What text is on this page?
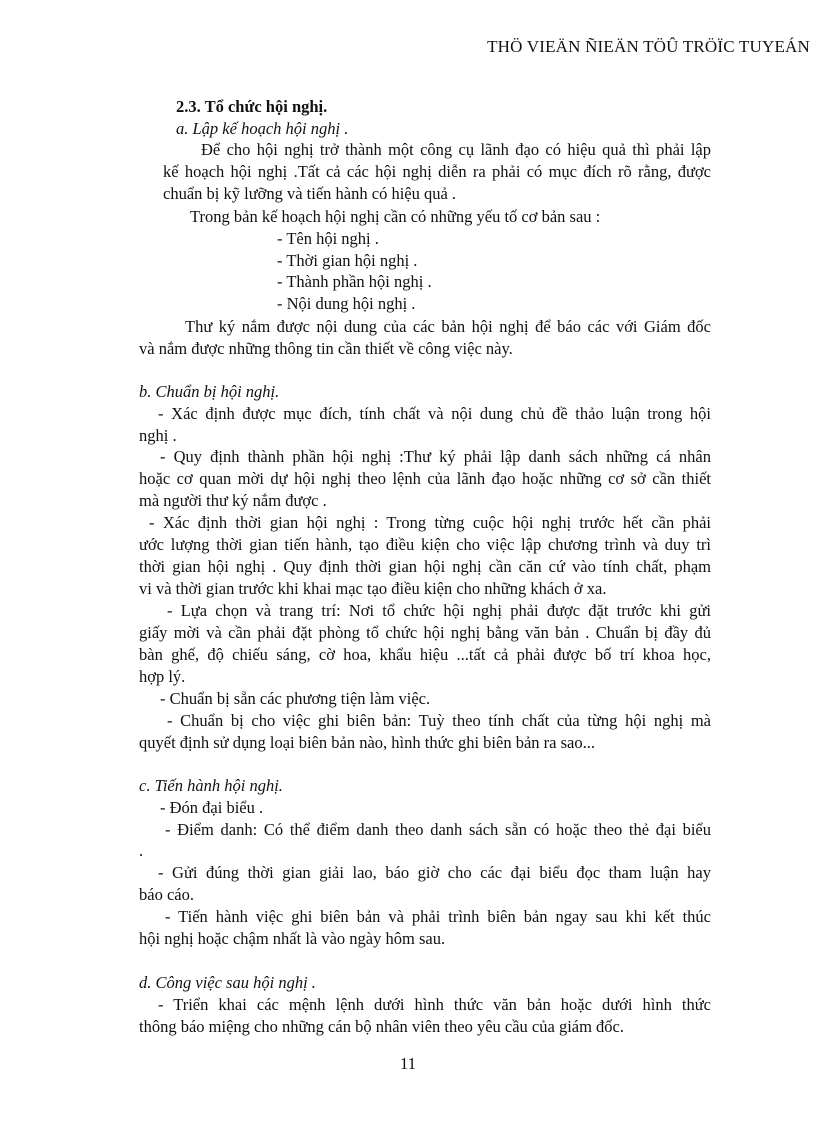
THÖ VIEÄN ÑIEÄN TÖÛ TRÖÏC TUYEÁN
2.3. Tổ chức hội nghị.
a. Lập kế hoạch hội nghị .
Để cho hội nghị trở thành một công cụ lãnh đạo có hiệu quả thì phải lập
kế hoạch hội nghị .Tất cả các hội nghị diễn ra phải có mục đích rõ rằng, được
chuẩn bị kỹ lưỡng và tiến hành có hiệu quả .
Trong bản kế hoạch hội nghị cần có những yếu tố cơ bản sau :
- Tên hội nghị .
- Thời gian hội nghị .
- Thành phần hội nghị .
- Nội dung hội nghị .
Thư ký nắm được nội dung của các bản hội nghị để báo các với Giám đốc
và nắm được những thông tin cần thiết về công việc này.
b. Chuẩn bị hội nghị.
- Xác định được mục đích, tính chất và nội dung chủ đề thảo luận trong hội
nghị .
- Quy định thành phần hội nghị :Thư ký phải lập danh sách những cá nhân
hoặc cơ quan mời dự hội nghị theo lệnh của lãnh đạo hoặc những cơ sở cần thiết
mà người thư ký nắm được .
- Xác định thời gian hội nghị : Trong từng cuộc hội nghị trước hết cần phải
ước lượng thời gian tiến hành, tạo điều kiện cho việc lập chương trình và duy trì
thời gian hội nghị . Quy định thời gian hội nghị cần căn cứ vào tính chất, phạm
vi và thời gian trước khi khai mạc tạo điều kiện cho những khách ở xa.
- Lựa chọn và trang trí: Nơi tổ chức hội nghị phải được đặt trước khi gửi
giấy mời và cần phải đặt phòng tổ chức hội nghị bằng văn bản . Chuẩn bị đầy đủ
bàn ghế, độ chiếu sáng, cờ hoa, khẩu hiệu ...tất cả phải được bố trí khoa học,
hợp lý.
- Chuẩn bị sẵn các phương tiện làm việc.
- Chuẩn bị cho việc ghi biên bản: Tuỳ theo tính chất của từng hội nghị mà
quyết định sử dụng loại biên bản nào, hình thức ghi biên bản ra sao...
c. Tiến hành hội nghị.
- Đón đại biểu .
- Điểm danh: Có thể điểm danh theo danh sách sẵn có hoặc theo thẻ đại biểu
.
- Gửi đúng thời gian giải lao, báo giờ cho các đại biểu đọc tham luận hay
báo cáo.
- Tiến hành việc ghi biên bản và phải trình biên bản ngay sau khi kết thúc
hội nghị hoặc chậm nhất là vào ngày hôm sau.
d. Công việc sau hội nghị .
- Triển khai các mệnh lệnh dưới hình thức văn bản hoặc dưới hình thức
thông báo miệng cho những cán bộ nhân viên theo yêu cầu của giám đốc.
11
